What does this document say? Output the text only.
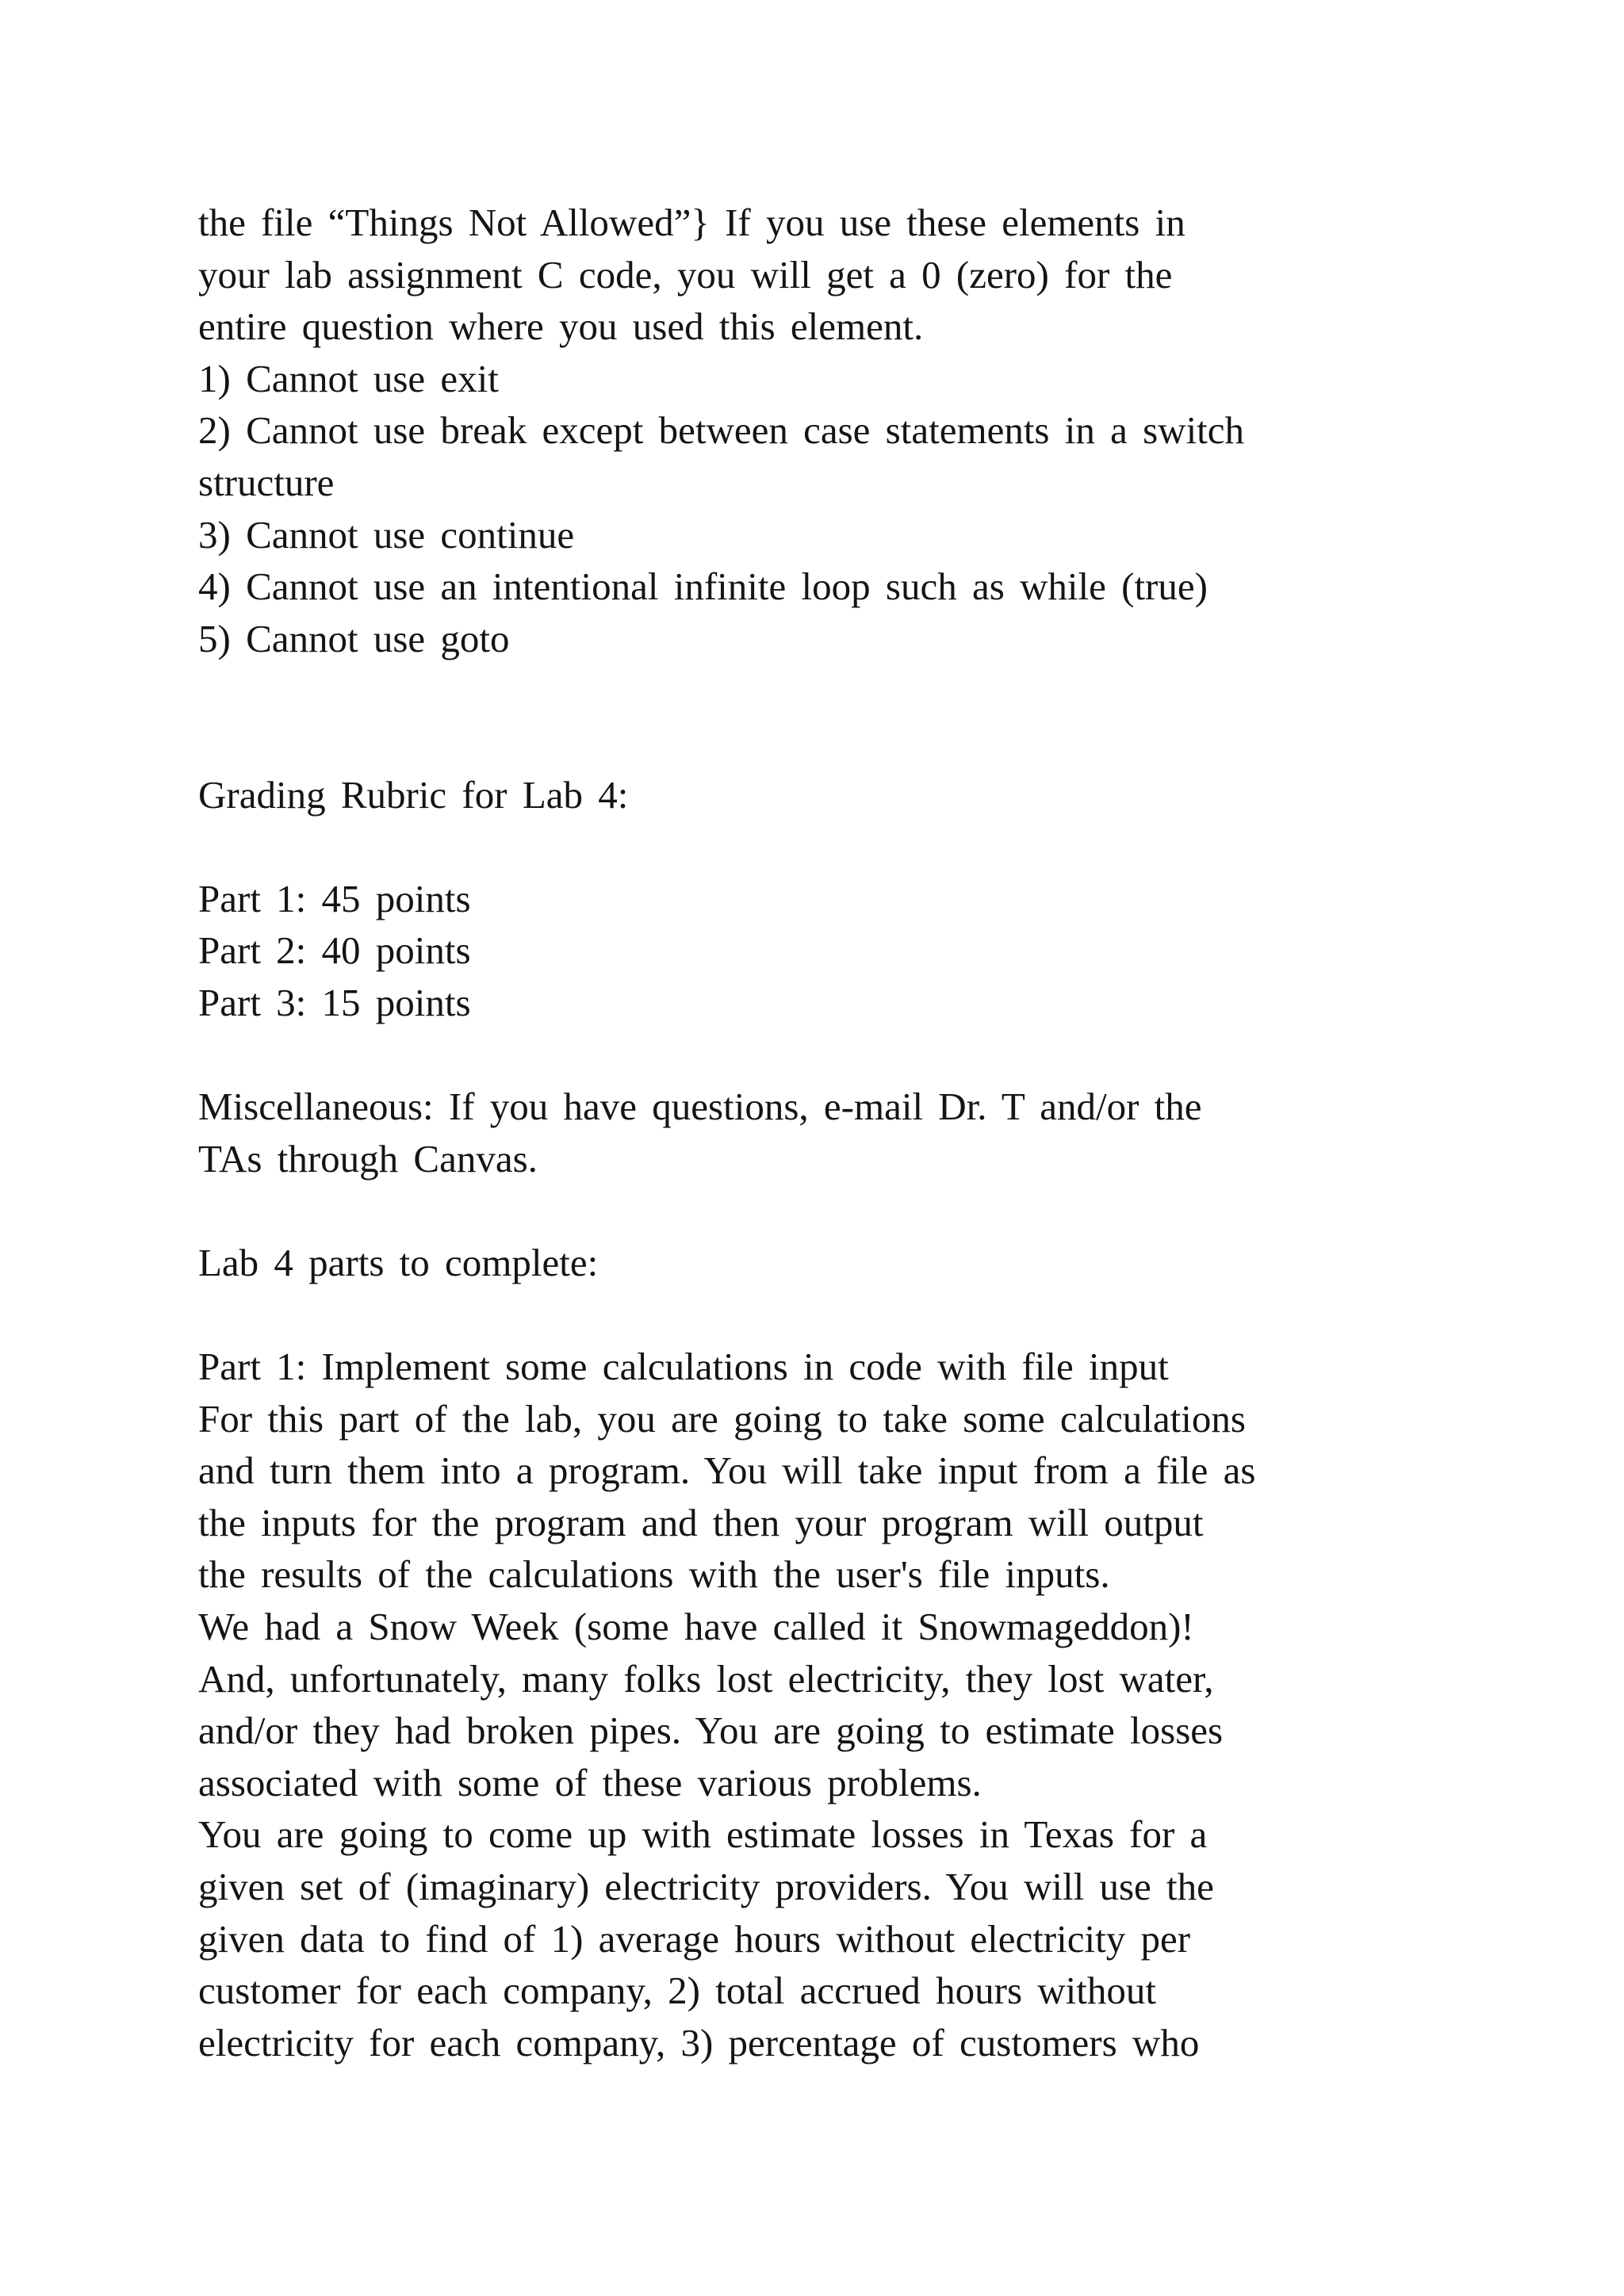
the file “Things Not Allowed”} If you use these elements in
your lab assignment C code, you will get a 0 (zero) for the
entire question where you used this element.
1) Cannot use exit
2) Cannot use break except between case statements in a switch
structure
3) Cannot use continue
4) Cannot use an intentional infinite loop such as while (true)
5) Cannot use goto
Grading Rubric for Lab 4:
Part 1: 45 points
Part 2: 40 points
Part 3: 15 points
Miscellaneous: If you have questions, e-mail Dr. T and/or the
TAs through Canvas.
Lab 4 parts to complete:
Part 1: Implement some calculations in code with file input
For this part of the lab, you are going to take some calculations
and turn them into a program. You will take input from a file as
the inputs for the program and then your program will output
the results of the calculations with the user's file inputs.
We had a Snow Week (some have called it Snowmageddon)!
And, unfortunately, many folks lost electricity, they lost water,
and/or they had broken pipes. You are going to estimate losses
associated with some of these various problems.
You are going to come up with estimate losses in Texas for a
given set of (imaginary) electricity providers. You will use the
given data to find of 1) average hours without electricity per
customer for each company, 2) total accrued hours without
electricity for each company, 3) percentage of customers who
